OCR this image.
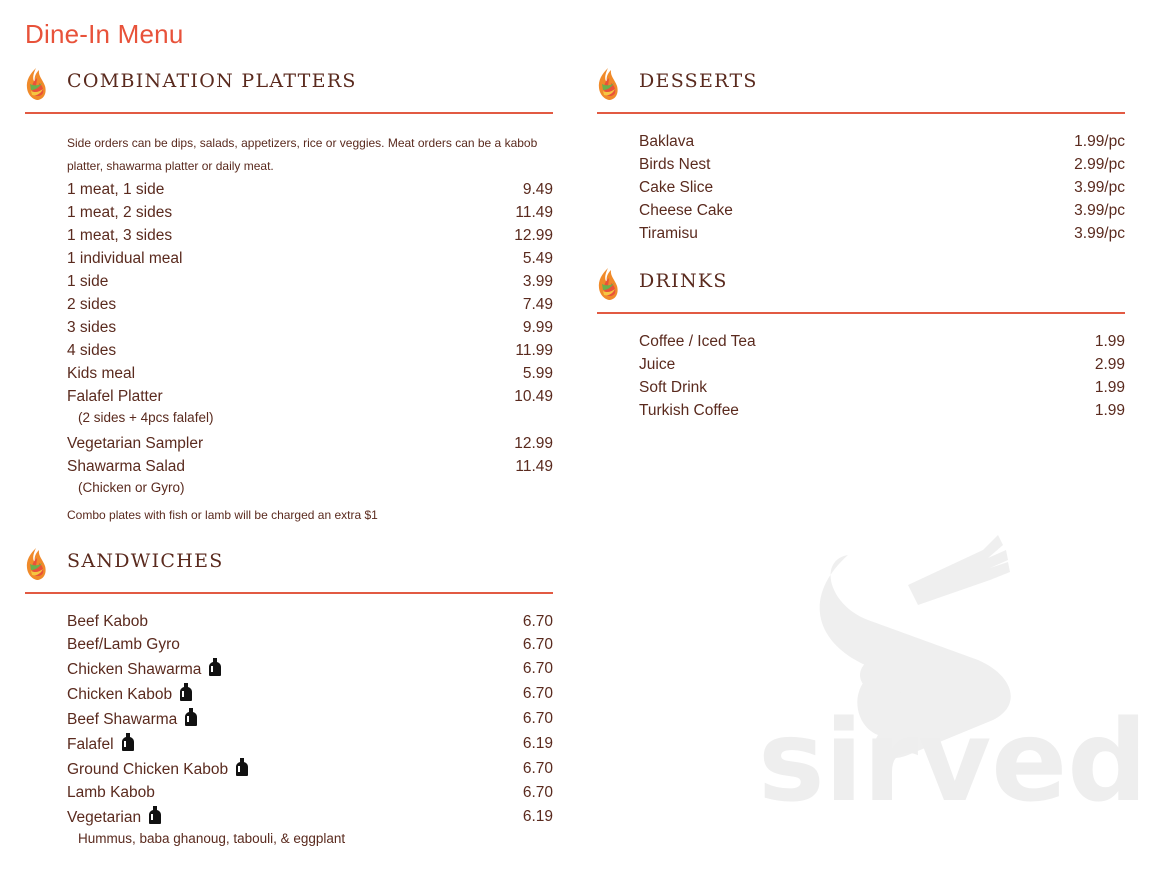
Dine-In Menu
COMBINATION PLATTERS
Side orders can be dips, salads, appetizers, rice or veggies. Meat orders can be a kabob platter, shawarma platter or daily meat.
1 meat, 1 side	9.49
1 meat, 2 sides	11.49
1 meat, 3 sides	12.99
1 individual meal	5.49
1 side	3.99
2 sides	7.49
3 sides	9.99
4 sides	11.99
Kids meal	5.99
Falafel Platter	10.49
(2 sides + 4pcs falafel)
Vegetarian Sampler	12.99
Shawarma Salad	11.49
(Chicken or Gyro)
Combo plates with fish or lamb will be charged an extra $1
SANDWICHES
Beef Kabob	6.70
Beef/Lamb Gyro	6.70
Chicken Shawarma	6.70
Chicken Kabob	6.70
Beef Shawarma	6.70
Falafel	6.19
Ground Chicken Kabob	6.70
Lamb Kabob	6.70
Vegetarian	6.19
Hummus, baba ghanoug, tabouli, & eggplant
DESSERTS
Baklava	1.99/pc
Birds Nest	2.99/pc
Cake Slice	3.99/pc
Cheese Cake	3.99/pc
Tiramisu	3.99/pc
DRINKS
Coffee / Iced Tea	1.99
Juice	2.99
Soft Drink	1.99
Turkish Coffee	1.99
sirved
